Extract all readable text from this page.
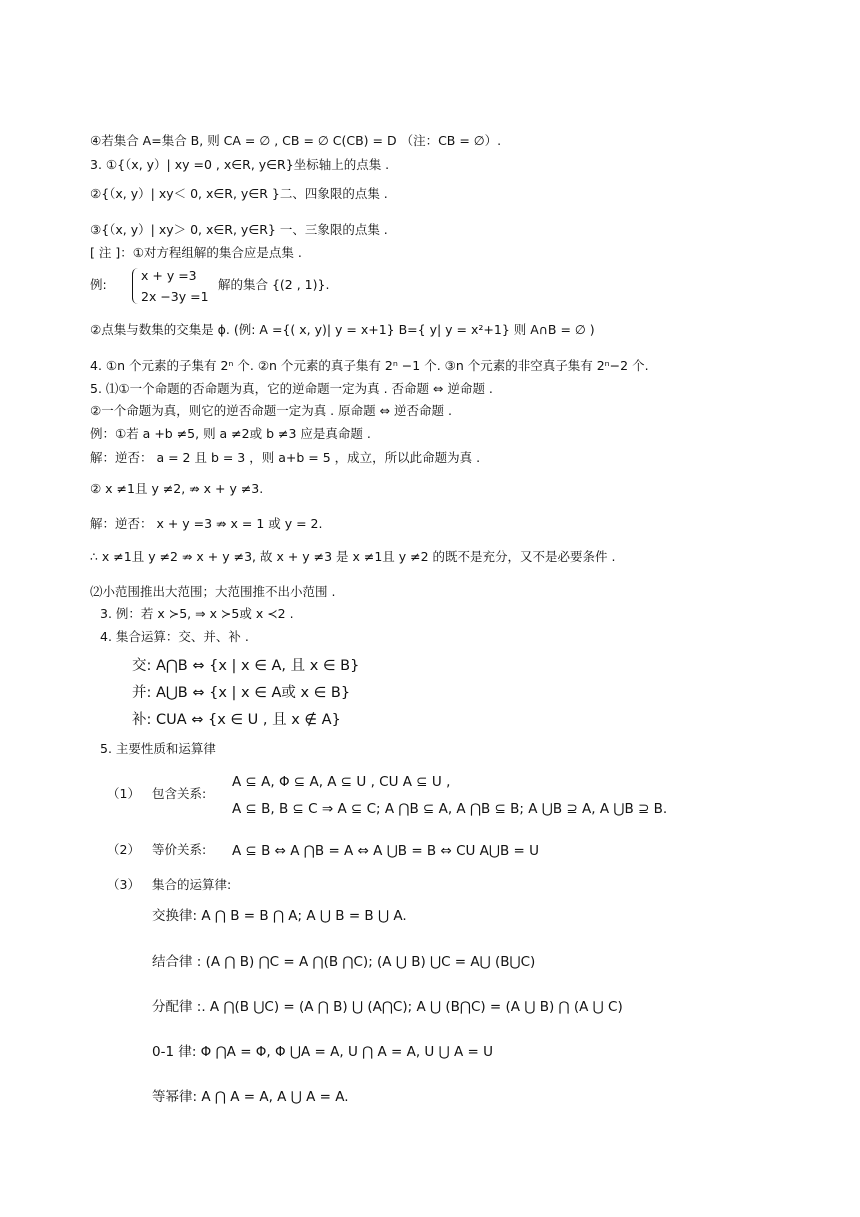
④若集合 A=集合 B, 则 CA = ∅ , CB = ∅ C(CB) = D （注：CB = ∅）.
3. ①{（x, y）| xy =0 , x∈R, y∈R}坐标轴上的点集 .
②{（x, y）| xy＜ 0, x∈R, y∈R }二、四象限的点集 .
③{（x, y）| xy＞ 0, x∈R, y∈R} 一、三象限的点集 .
[ 注 ]：①对方程组解的集合应是点集 .
例:
x + y =3
2x −3y =1
解的集合 {(2 , 1)}.
②点集与数集的交集是 ϕ. (例: A ={( x, y)| y = x+1} B={ y| y = x²+1} 则 A∩B = ∅ )
4. ①n 个元素的子集有 2ⁿ 个. ②n 个元素的真子集有 2ⁿ −1 个. ③n 个元素的非空真子集有 2ⁿ−2 个.
5. ⑴①一个命题的否命题为真，它的逆命题一定为真 . 否命题 ⇔ 逆命题 .
②一个命题为真，则它的逆否命题一定为真 . 原命题 ⇔ 逆否命题 .
例：①若 a +b ≠5, 则 a ≠2或 b ≠3 应是真命题 .
解：逆否： a = 2 且 b = 3 ，则 a+b = 5 ，成立，所以此命题为真 .
② x ≠1且 y ≠2, ⇏ x + y ≠3.
解：逆否： x + y =3 ⇏ x = 1 或 y = 2.
∴ x ≠1且 y ≠2 ⇏ x + y ≠3, 故 x + y ≠3 是 x ≠1且 y ≠2 的既不是充分，又不是必要条件 .
⑵小范围推出大范围；大范围推不出小范围 .
3. 例：若 x ≻5, ⇒ x ≻5或 x ≺2 .
4. 集合运算：交、并、补 .
交: A⋂B ⇔ {x | x ∈ A, 且 x ∈ B}
并: A⋃B ⇔ {x | x ∈ A或 x ∈ B}
补: CUA ⇔ {x ∈ U , 且 x ∉ A}
5. 主要性质和运算律
（1） 包含关系:
A ⊆ A, Φ ⊆ A, A ⊆ U , CU A ⊆ U ,
A ⊆ B, B ⊆ C ⇒ A ⊆ C; A ⋂B ⊆ A, A ⋂B ⊆ B; A ⋃B ⊇ A, A ⋃B ⊇ B.
（2） 等价关系: A ⊆ B ⇔ A ⋂B = A ⇔ A ⋃B = B ⇔ CU A⋃B = U
（3） 集合的运算律:
交换律: A ⋂ B = B ⋂ A; A ⋃ B = B ⋃ A.
结合律 : (A ⋂ B) ⋂C = A ⋂(B ⋂C); (A ⋃ B) ⋃C = A⋃ (B⋃C)
分配律 :. A ⋂(B ⋃C) = (A ⋂ B) ⋃ (A⋂C); A ⋃ (B⋂C) = (A ⋃ B) ⋂ (A ⋃ C)
0-1 律: Φ ⋂A = Φ, Φ ⋃A = A, U ⋂ A = A, U ⋃ A = U
等幂律: A ⋂ A = A, A ⋃ A = A.
